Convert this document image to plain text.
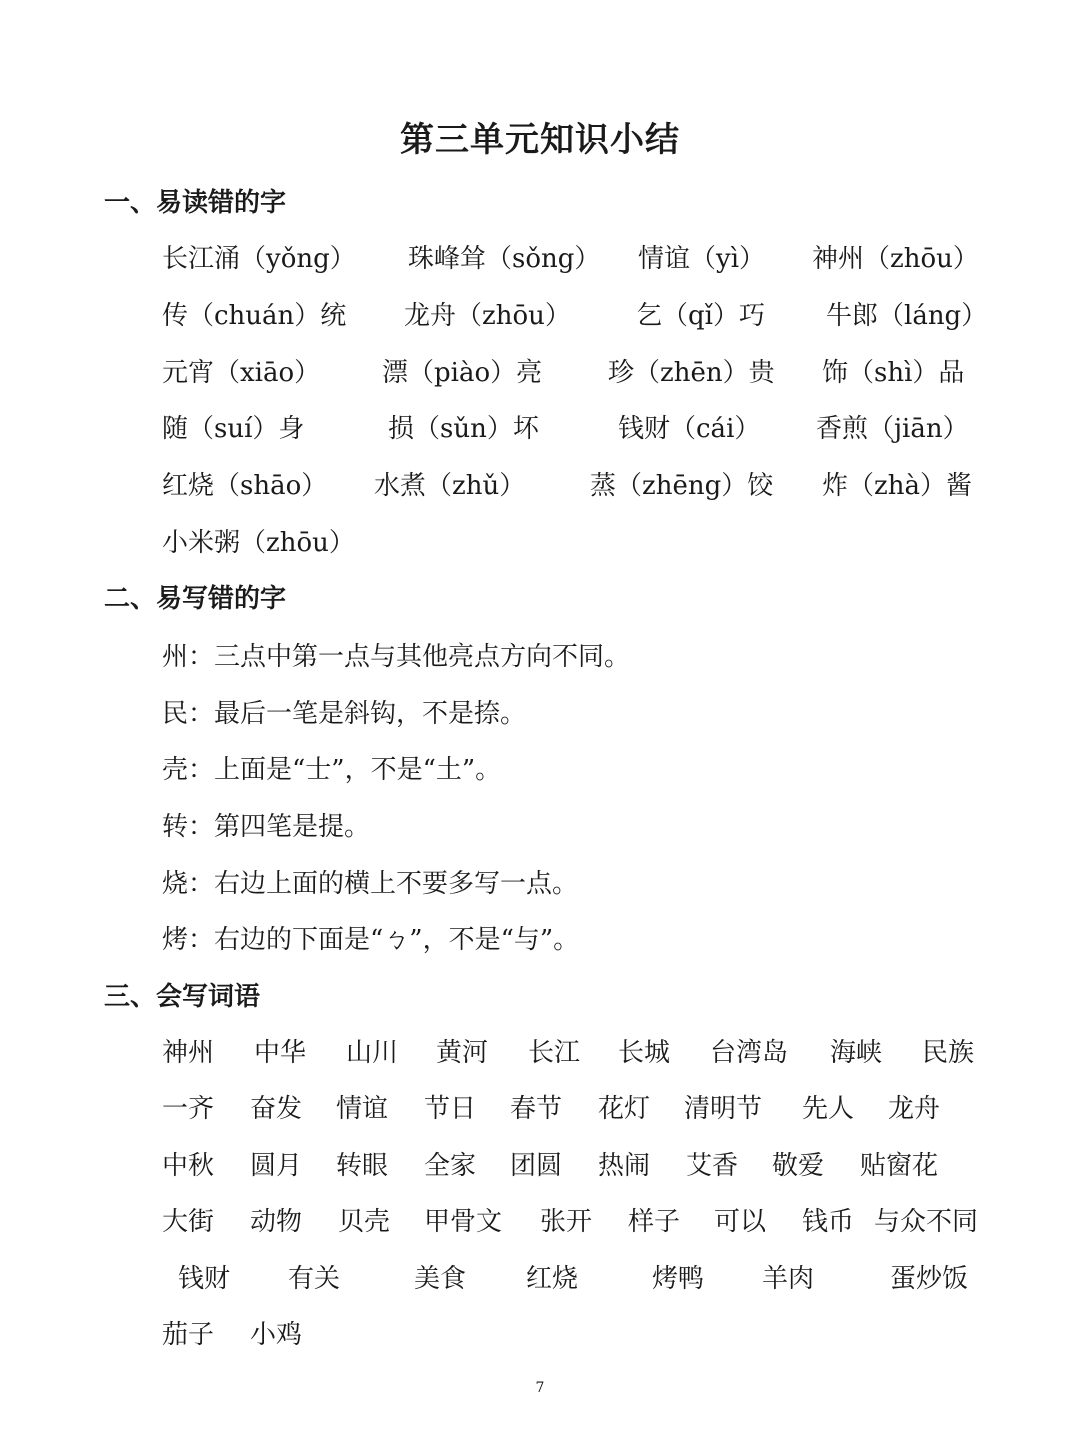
第三单元知识小结
一、易读错的字
长江涌（yǒng） 珠峰耸（sǒng） 情谊（yì） 神州（zhōu）
传（chuán）统 龙舟（zhōu）	乞（qǐ）巧 牛郎（láng）
元宵（xiāo） 漂（piào）亮	珍（zhēn）贵 饰（shì）品
随（suí）身	损（sǔn）坏	钱财（cái） 香煎（jiān）
红烧（shāo） 水煮（zhǔ） 蒸（zhēng）饺 炸（zhà）酱
小米粥（zhōu）
二、易写错的字
州：三点中第一点与其他亮点方向不同。
民：最后一笔是斜钩，不是捺。
壳：上面是“士”，不是“土”。
转：第四笔是提。
烧：右边上面的横上不要多写一点。
烤：右边的下面是“ㄅ”，不是“与”。
三、会写词语
神州 中华 山川 黄河 长江 长城 台湾岛 海峡 民族
一齐 奋发 情谊 节日 春节 花灯 清明节 先人 龙舟
中秋 圆月 转眼 全家 团圆 热闹 艾香 敬爱 贴窗花
大街 动物 贝壳 甲骨文 张开 样子 可以 钱币 与众不同
钱财 有关	美食 红烧	烤鸭 羊肉	蛋炒饭
茄子 小鸡
7
